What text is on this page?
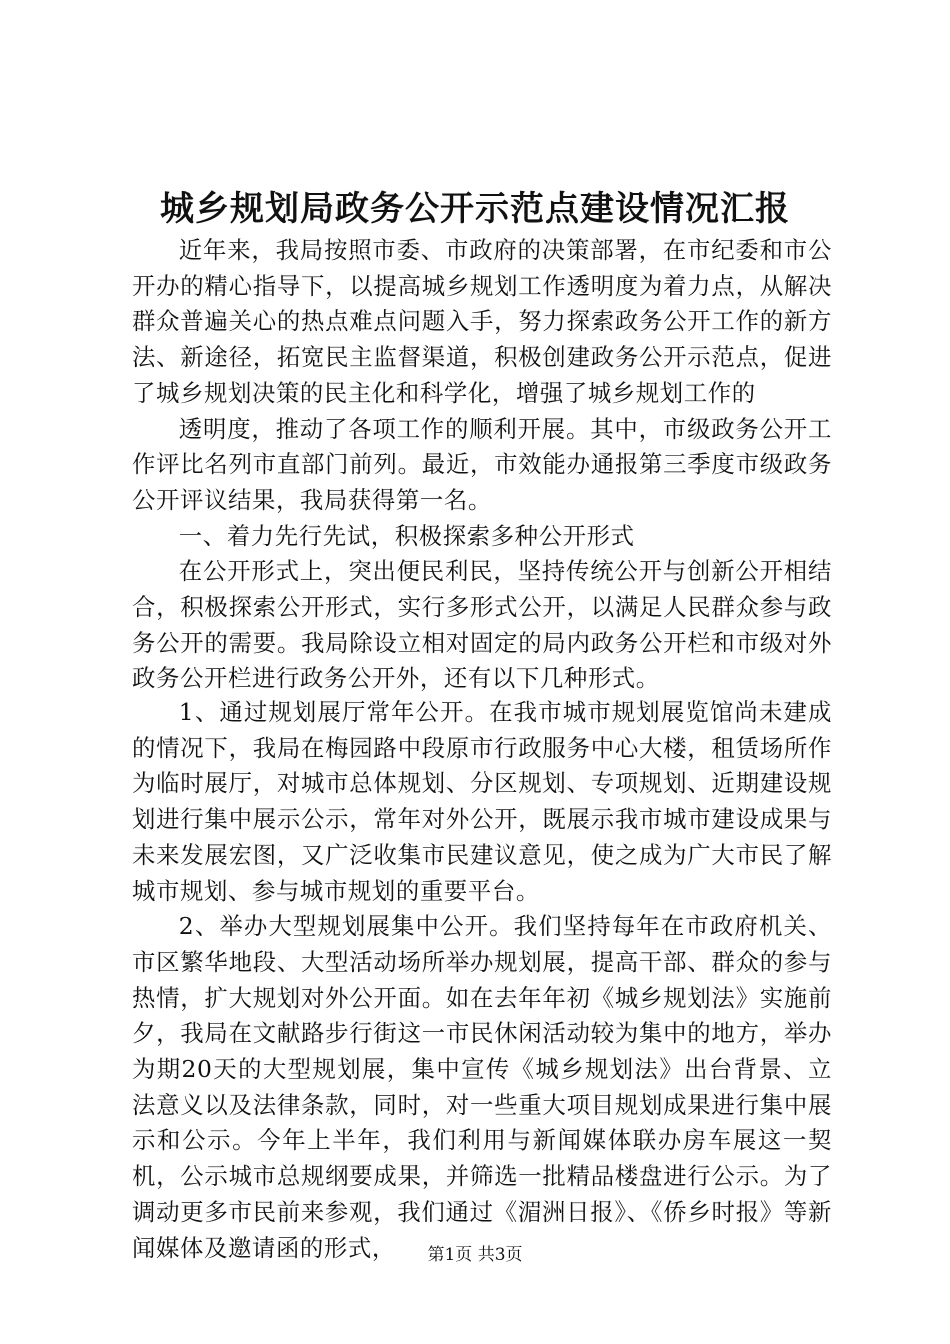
城乡规划局政务公开示范点建设情况汇报

近年来，我局按照市委、市政府的决策部署，在市纪委和市公开办的精心指导下，以提高城乡规划工作透明度为着力点，从解决群众普遍关心的热点难点问题入手，努力探索政务公开工作的新方法、新途径，拓宽民主监督渠道，积极创建政务公开示范点，促进了城乡规划决策的民主化和科学化，增强了城乡规划工作的

透明度，推动了各项工作的顺利开展。其中，市级政务公开工作评比名列市直部门前列。最近，市效能办通报第三季度市级政务公开评议结果，我局获得第一名。

一、着力先行先试，积极探索多种公开形式

在公开形式上，突出便民利民，坚持传统公开与创新公开相结合，积极探索公开形式，实行多形式公开，以满足人民群众参与政务公开的需要。我局除设立相对固定的局内政务公开栏和市级对外政务公开栏进行政务公开外，还有以下几种形式。

1、通过规划展厅常年公开。在我市城市规划展览馆尚未建成的情况下，我局在梅园路中段原市行政服务中心大楼，租赁场所作为临时展厅，对城市总体规划、分区规划、专项规划、近期建设规划进行集中展示公示，常年对外公开，既展示我市城市建设成果与未来发展宏图，又广泛收集市民建议意见，使之成为广大市民了解城市规划、参与城市规划的重要平台。

2、举办大型规划展集中公开。我们坚持每年在市政府机关、市区繁华地段、大型活动场所举办规划展，提高干部、群众的参与热情，扩大规划对外公开面。如在去年年初《城乡规划法》实施前夕，我局在文献路步行街这一市民休闲活动较为集中的地方，举办为期20天的大型规划展，集中宣传《城乡规划法》出台背景、立法意义以及法律条款，同时，对一些重大项目规划成果进行集中展示和公示。今年上半年，我们利用与新闻媒体联办房车展这一契机，公示城市总规纲要成果，并筛选一批精品楼盘进行公示。为了调动更多市民前来参观，我们通过《湄洲日报》、《侨乡时报》等新闻媒体及邀请函的形式，	第1页 共3页
